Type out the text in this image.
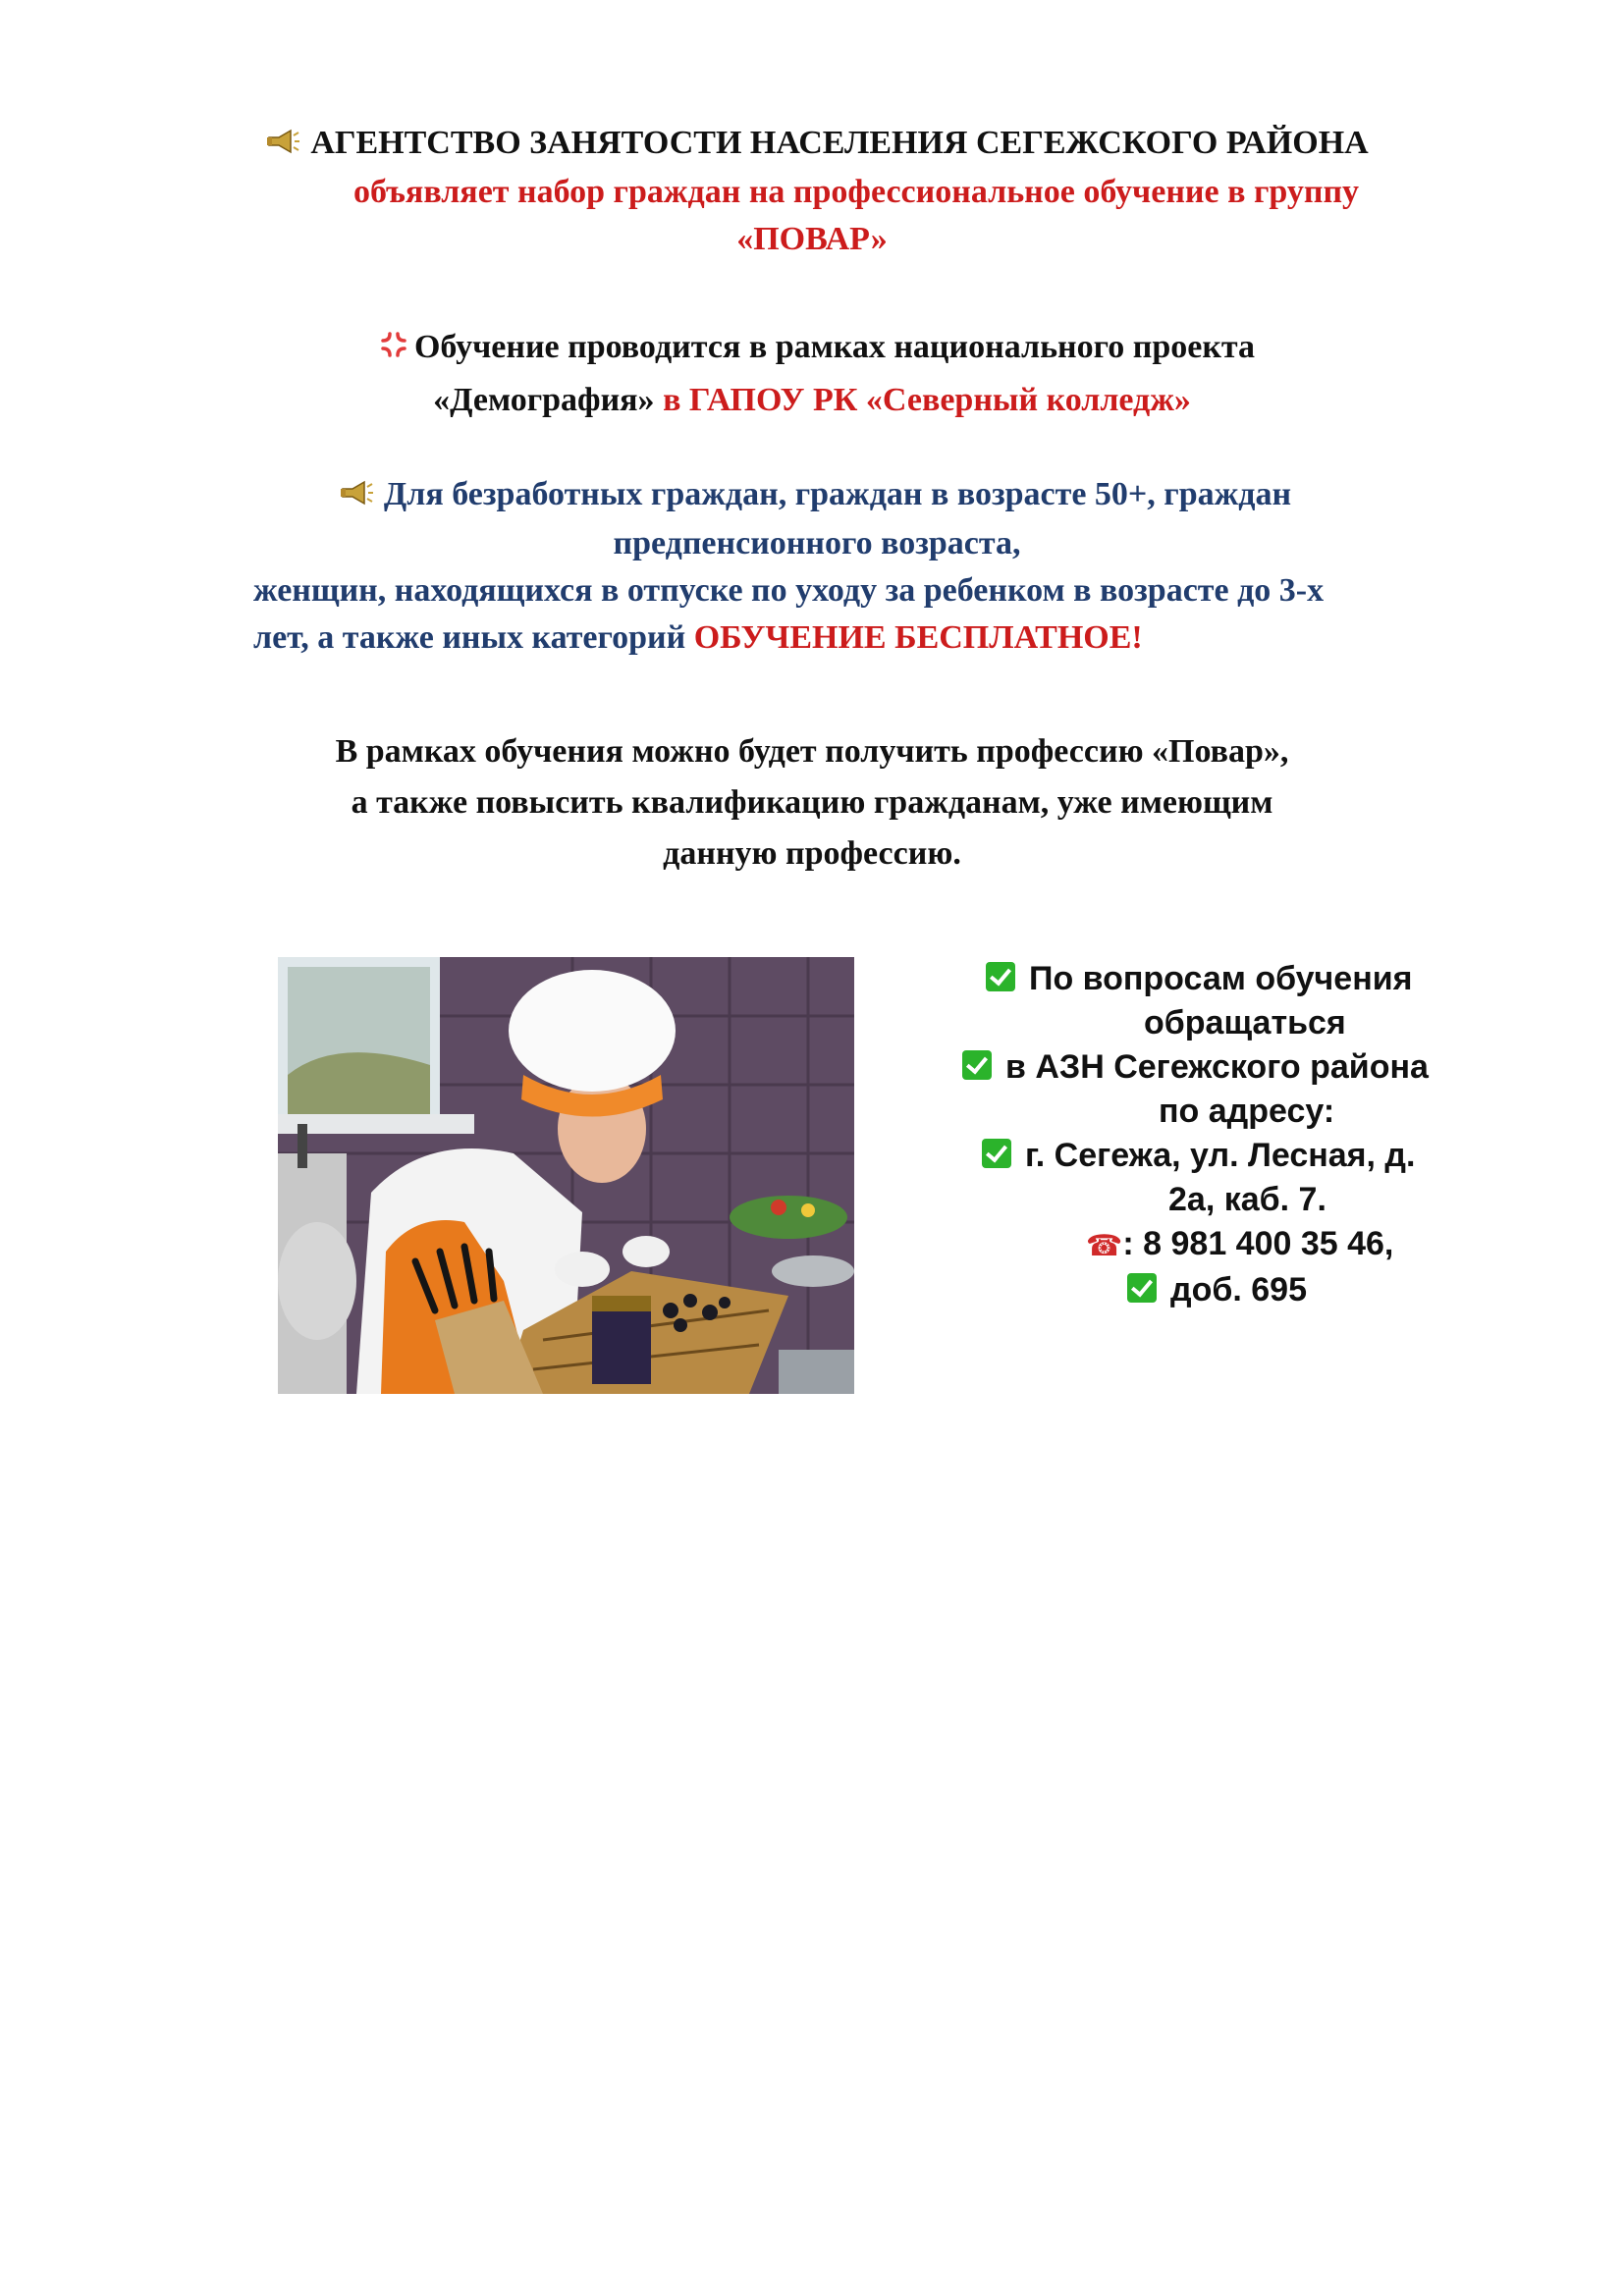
АГЕНТСТВО ЗАНЯТОСТИ НАСЕЛЕНИЯ СЕГЕЖСКОГО РАЙОНА
объявляет набор граждан на профессиональное обучение в группу
«ПОВАР»
Обучение проводится в рамках национального проекта
«Демография» в ГАПОУ РК «Северный колледж»
Для безработных граждан, граждан в возрасте 50+, граждан
предпенсионного возраста,
женщин, находящихся в отпуске по уходу за ребенком в возрасте до 3-х
лет, а также иных категорий ОБУЧЕНИЕ БЕСПЛАТНОЕ!
В рамках обучения можно будет получить профессию «Повар»,
а также повысить квалификацию гражданам, уже имеющим
данную профессию.
По вопросам обучения
обращаться
в АЗН Сегежского района
по адресу:
г. Сегежа, ул. Лесная, д.
2а, каб. 7.
☎: 8 981 400 35 46,
доб. 695
